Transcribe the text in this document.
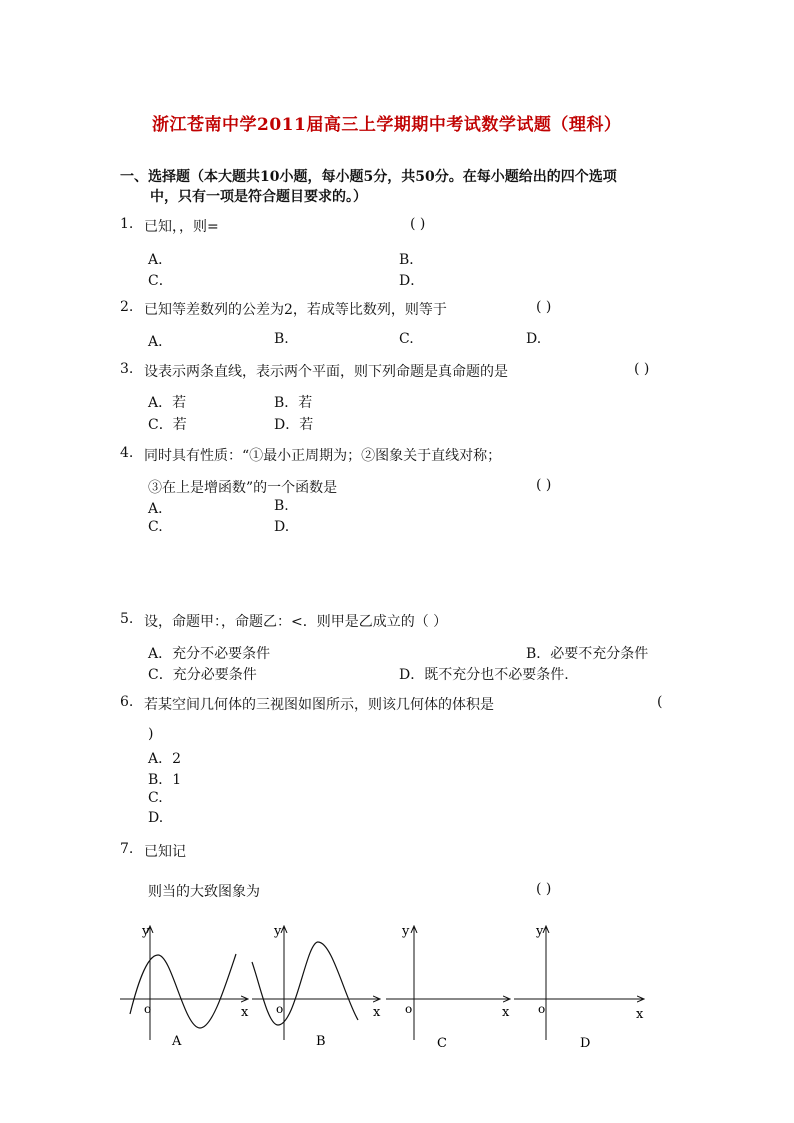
浙江苍南中学2011届高三上学期期中考试数学试题（理科）
一、选择题（本大题共10小题，每小题5分，共50分。在每小题给出的四个选项
中，只有一项是符合题目要求的。）
1. 已知，，则=	( )
A．	B．
C．	D．
2. 已知等差数列的公差为2，若成等比数列，则等于	( )
A．	B.	C.	D.
3. 设表示两条直线，表示两个平面，则下列命题是真命题的是	( )
A．若	B．若
C．若	D．若
4. 同时具有性质：“①最小正周期为；②图象关于直线对称；
③在上是增函数”的一个函数是	( )
A．	B.
C.	D.
5. 设，命题甲：，命题乙：<．则甲是乙成立的（ ）
A．充分不必要条件	B．必要不充分条件
C．充分必要条件	D．既不充分也不必要条件.
6. 若某空间几何体的三视图如图所示，则该几何体的体积是	(
)
A．2
B．1
C.
D.
7. 已知记
则当的大致图象为	( )
y
x
o
A
y
x
o
B
y
x
o
C
y
x
o
D
